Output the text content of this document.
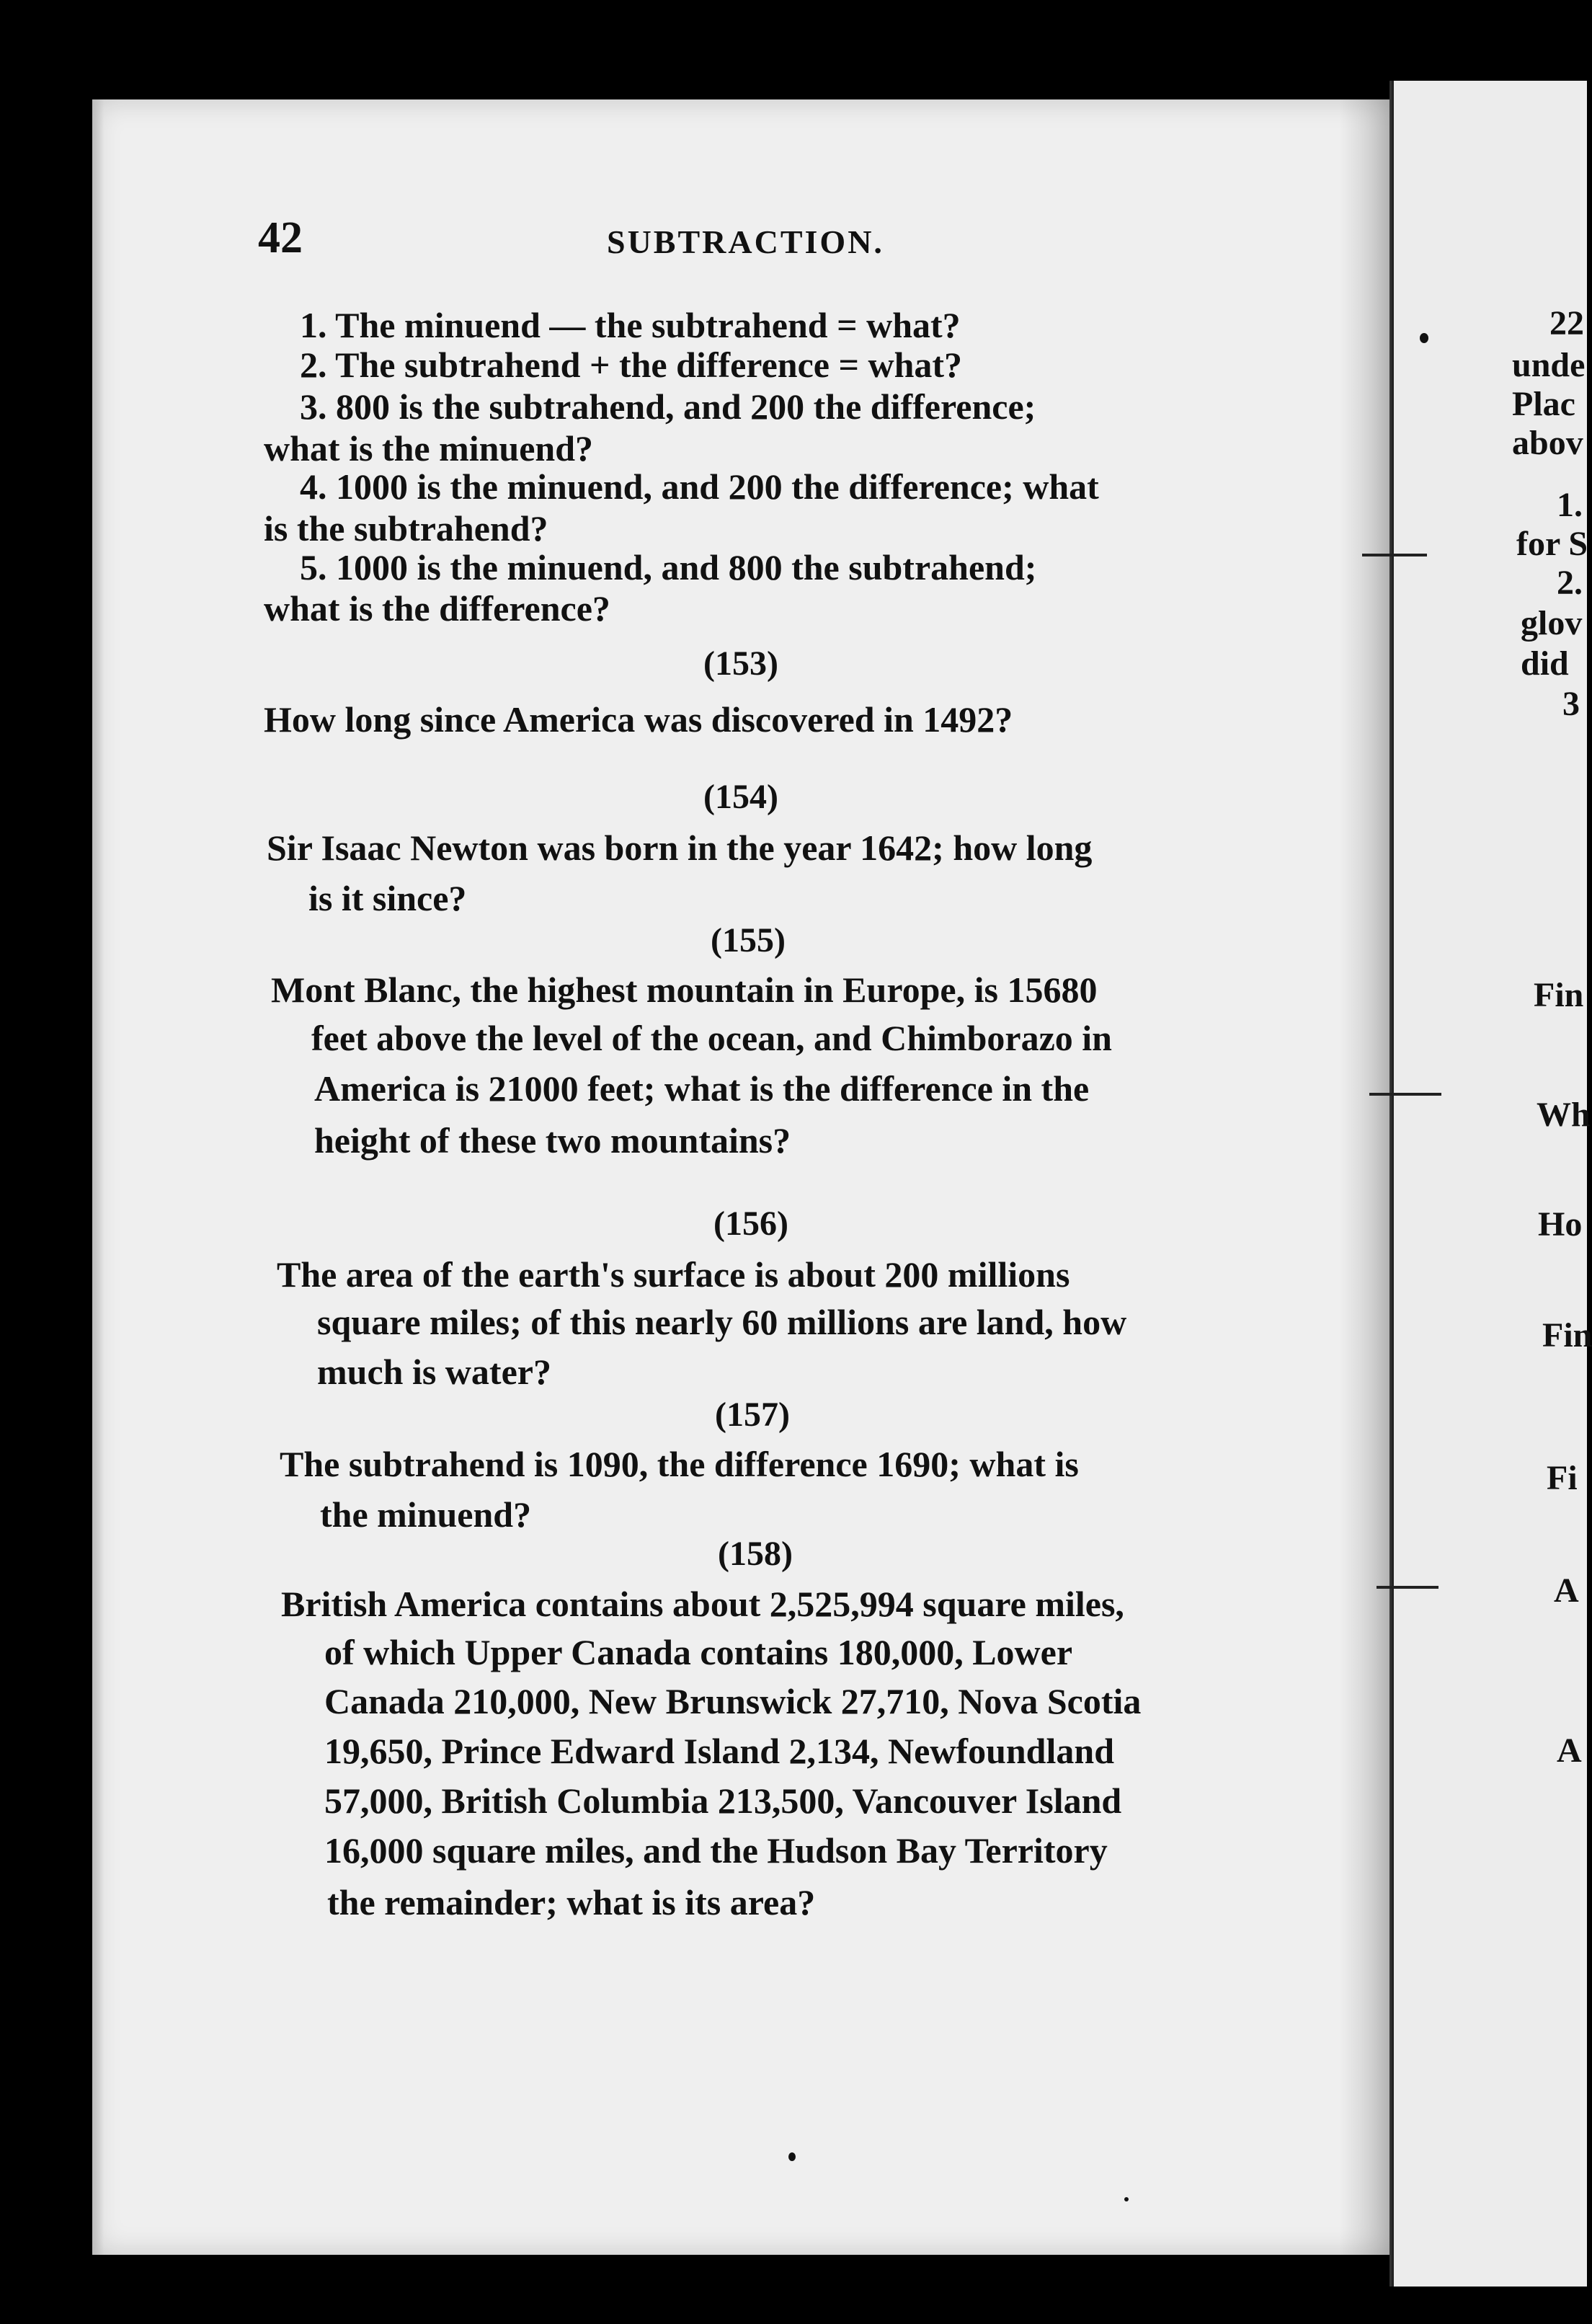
42	SUBTRACTION.
1. The minuend — the subtrahend = what?
2. The subtrahend + the difference = what?
3. 800 is the subtrahend, and 200 the difference;
what is the minuend?
4. 1000 is the minuend, and 200 the difference; what
is the subtrahend?
5. 1000 is the minuend, and 800 the subtrahend;
what is the difference?
(153)
How long since America was discovered in 1492?
(154)
Sir Isaac Newton was born in the year 1642; how long
is it since?
(155)
Mont Blanc, the highest mountain in Europe, is 15680
feet above the level of the ocean, and Chimborazo in
America is 21000 feet; what is the difference in the
height of these two mountains?
(156)
The area of the earth's surface is about 200 millions
square miles; of this nearly 60 millions are land, how
much is water?
(157)
The subtrahend is 1090, the difference 1690; what is
the minuend?
(158)
British America contains about 2,525,994 square miles,
of which Upper Canada contains 180,000, Lower
Canada 210,000, New Brunswick 27,710, Nova Scotia
19,650, Prince Edward Island 2,134, Newfoundland
57,000, British Columbia 213,500, Vancouver Island
16,000 square miles, and the Hudson Bay Territory
the remainder; what is its area?
22
unde
Plac
abov
1.
for S
2.
glov
did
3
Fin
Wh
Ho
Fin
Fi
A
A
